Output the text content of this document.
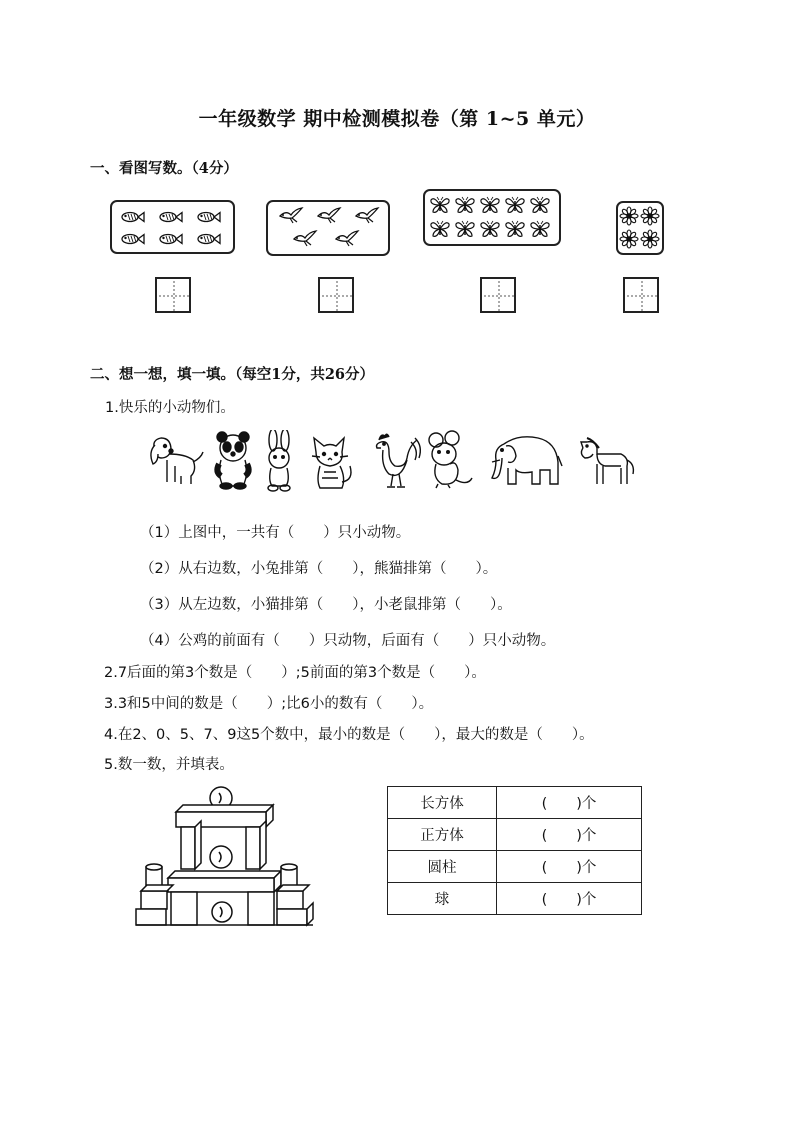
一年级数学 期中检测模拟卷（第 1~5 单元）
一、看图写数。（4分）
二、想一想，填一填。（每空1分，共26分）
1.快乐的小动物们。
（1）上图中，一共有（　　）只小动物。
（2）从右边数，小兔排第（　　），熊猫排第（　　）。
（3）从左边数，小猫排第（　　），小老鼠排第（　　）。
（4）公鸡的前面有（　　）只动物，后面有（　　）只小动物。
2.7后面的第3个数是（　　）;5前面的第3个数是（　　）。
3.3和5中间的数是（　　）;比6小的数有（　　）。
4.在2、0、5、7、9这5个数中，最小的数是（　　），最大的数是（　　）。
5.数一数，并填表。
长方体	(　　)个
正方体	(　　)个
圆柱	(　　)个
球	(　　)个
